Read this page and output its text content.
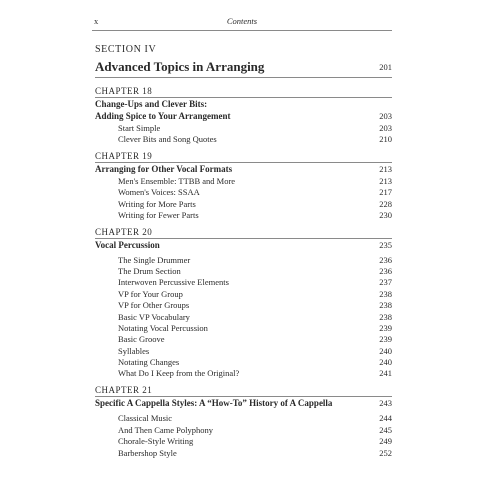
x	Contents
SECTION IV
Advanced Topics in Arranging	201
CHAPTER 18
Change-Ups and Clever Bits:
Adding Spice to Your Arrangement	203
Start Simple	203
Clever Bits and Song Quotes	210
CHAPTER 19
Arranging for Other Vocal Formats	213
Men's Ensemble: TTBB and More	213
Women's Voices: SSAA	217
Writing for More Parts	228
Writing for Fewer Parts	230
CHAPTER 20
Vocal Percussion	235
The Single Drummer	236
The Drum Section	236
Interwoven Percussive Elements	237
VP for Your Group	238
VP for Other Groups	238
Basic VP Vocabulary	238
Notating Vocal Percussion	239
Basic Groove	239
Syllables	240
Notating Changes	240
What Do I Keep from the Original?	241
CHAPTER 21
Specific A Cappella Styles: A “How-To” History of A Cappella	243
Classical Music	244
And Then Came Polyphony	245
Chorale-Style Writing	249
Barbershop Style	252
